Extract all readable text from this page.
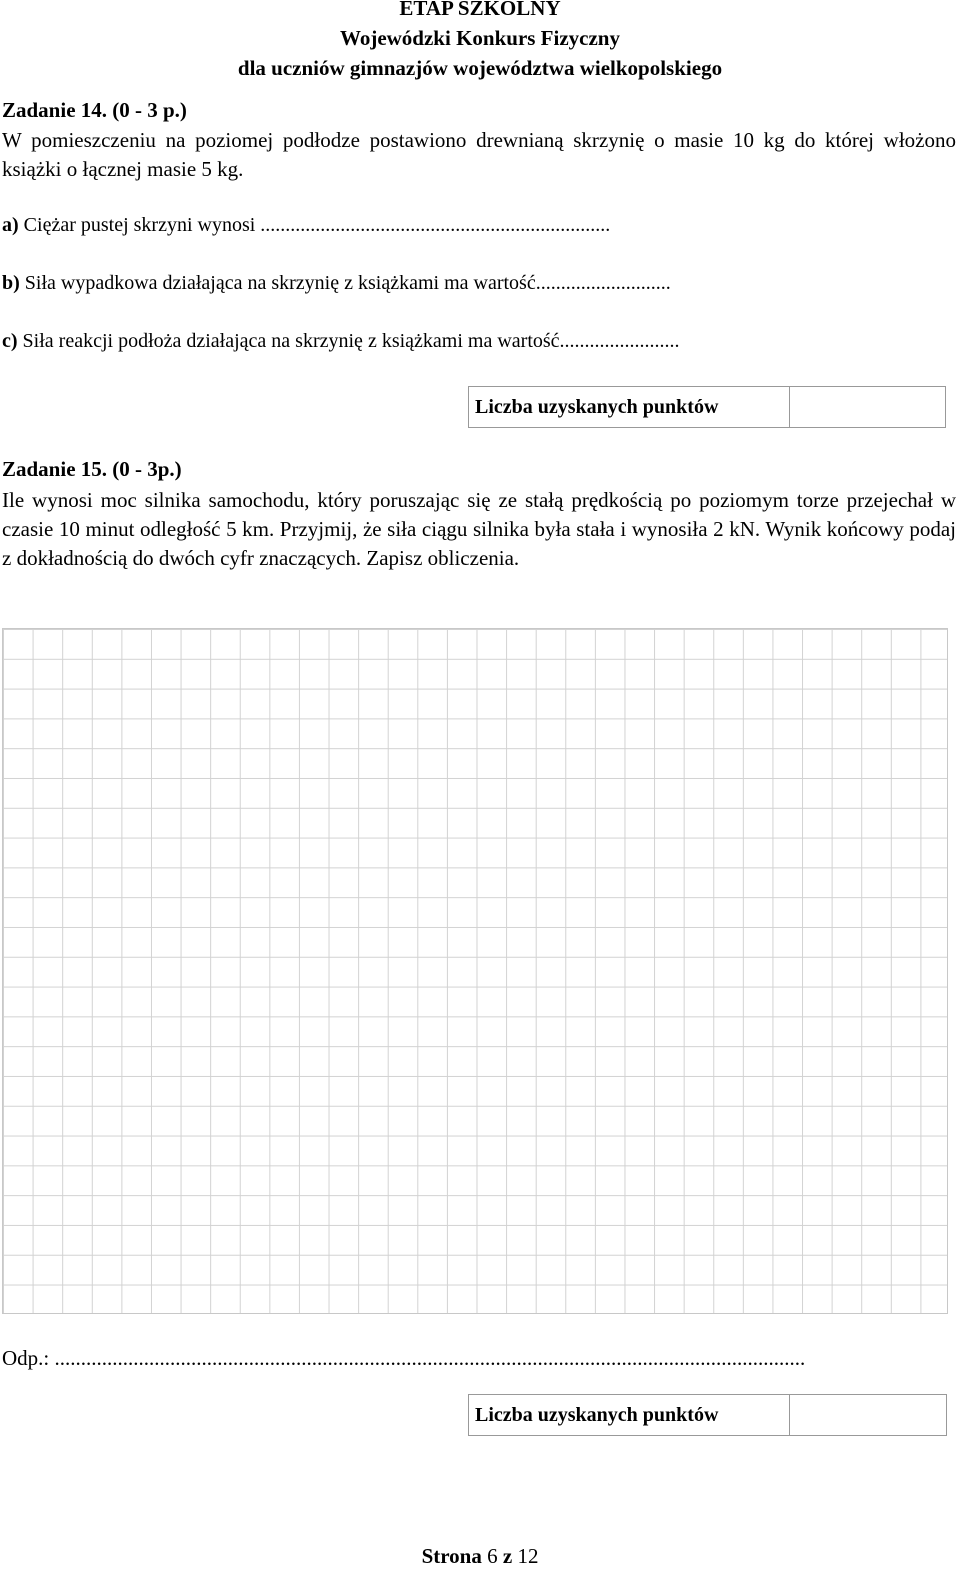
ETAP SZKOLNY
Wojewódzki Konkurs Fizyczny
dla uczniów gimnazjów województwa wielkopolskiego
Zadanie 14. (0 - 3 p.)
W pomieszczeniu na poziomej podłodze postawiono drewnianą skrzynię o masie 10 kg do której włożono książki o łącznej masie 5 kg.
a) Ciężar pustej skrzyni wynosi ......................................................................
b) Siła wypadkowa działająca na skrzynię z książkami ma wartość...........................
c) Siła reakcji podłoża działająca na skrzynię z książkami ma wartość........................
Liczba uzyskanych punktów
Zadanie 15. (0 - 3p.)
Ile wynosi moc silnika samochodu, który poruszając się ze stałą prędkością po poziomym torze przejechał w czasie 10 minut odległość 5 km. Przyjmij, że siła ciągu silnika była stała i wynosiła 2 kN. Wynik końcowy podaj z dokładnością do dwóch cyfr znaczących. Zapisz obliczenia.
Odp.: ...............................................................................................................................................
Liczba uzyskanych punktów
Strona 6 z 12
